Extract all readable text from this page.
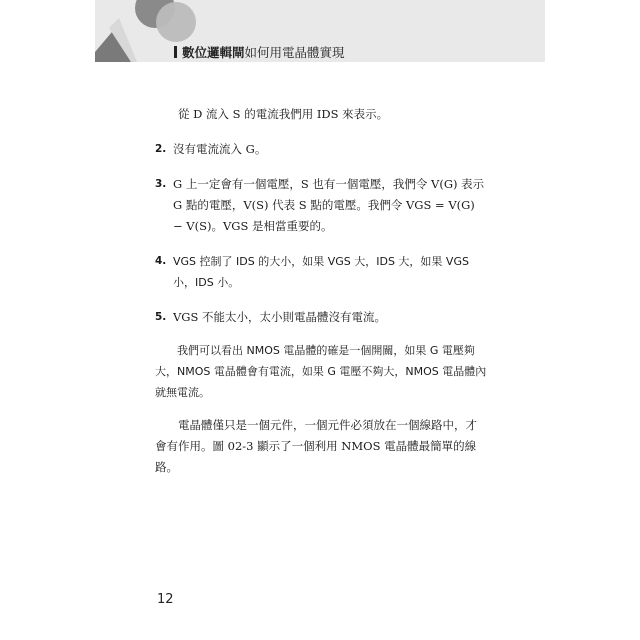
數位邏輯閘如何用電晶體實現

從 D 流入 S 的電流我們用 IDS 來表示。

2. 沒有電流流入 G。
3. G 上一定會有一個電壓，S 也有一個電壓，我們令 V(G) 表示 G 點的電壓，V(S) 代表 S 點的電壓。我們令 VGS = V(G) − V(S)。VGS 是相當重要的。
4. VGS 控制了 IDS 的大小，如果 VGS 大，IDS 大，如果 VGS 小，IDS 小。
5. VGS 不能太小，太小則電晶體沒有電流。

我們可以看出 NMOS 電晶體的確是一個開關，如果 G 電壓夠大，NMOS 電晶體會有電流，如果 G 電壓不夠大，NMOS 電晶體內就無電流。

電晶體僅只是一個元件，一個元件必須放在一個線路中，才會有作用。圖 02-3 顯示了一個利用 NMOS 電晶體最簡單的線路。

12
